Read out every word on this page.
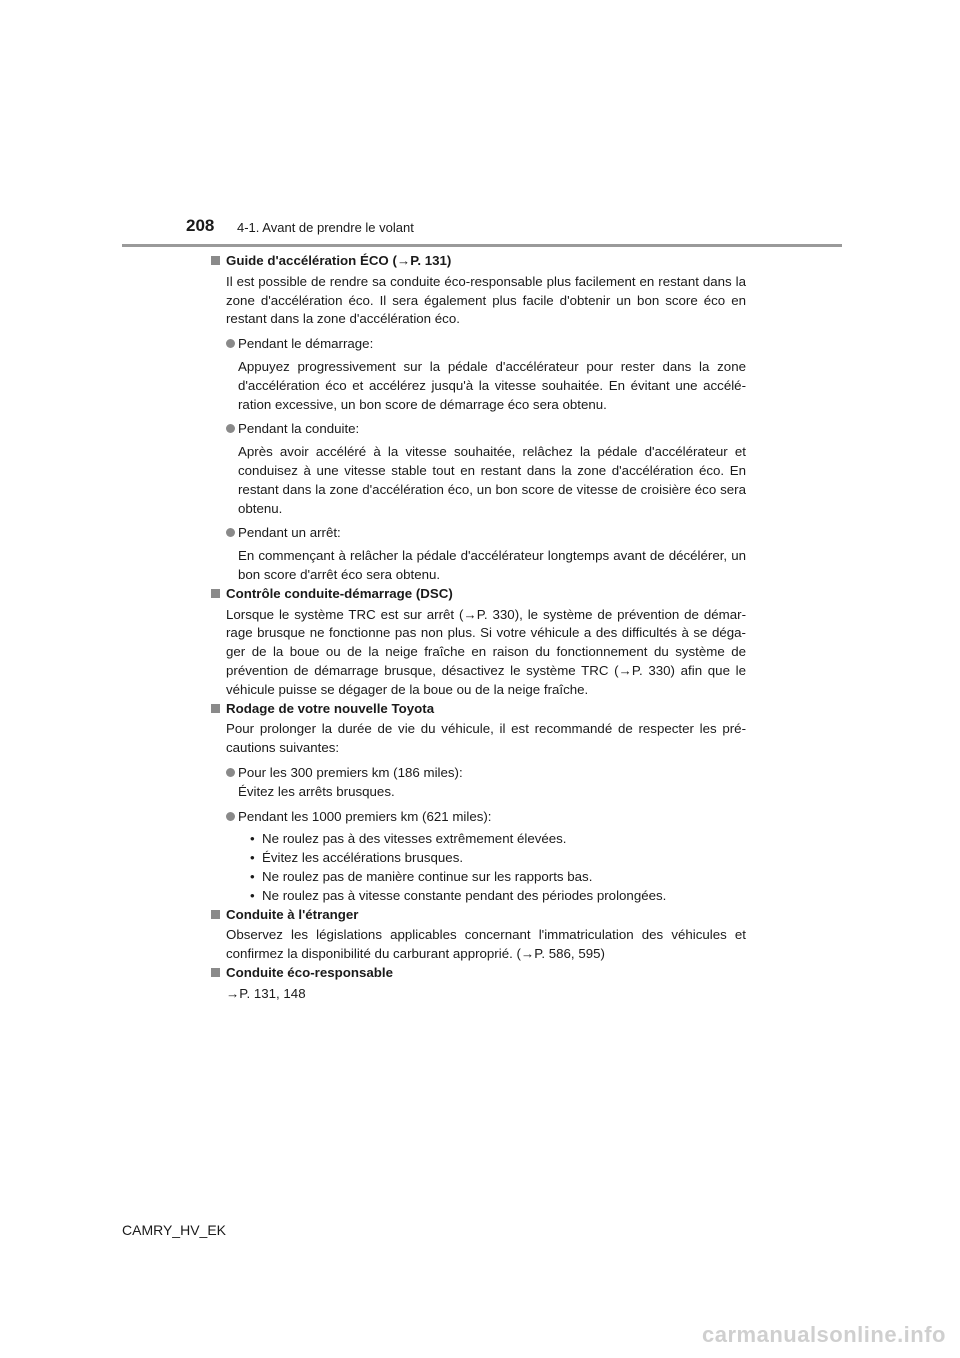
208 4-1. Avant de prendre le volant

Guide d'accélération ÉCO (→P. 131)

Il est possible de rendre sa conduite éco-responsable plus facilement en restant dans la zone d'accélération éco. Il sera également plus facile d'obtenir un bon score éco en restant dans la zone d'accélération éco.

Pendant le démarrage:

Appuyez progressivement sur la pédale d'accélérateur pour rester dans la zone d'accélération éco et accélérez jusqu'à la vitesse souhaitée. En évitant une accélé- ration excessive, un bon score de démarrage éco sera obtenu.

Pendant la conduite:

Après avoir accéléré à la vitesse souhaitée, relâchez la pédale d'accélérateur et conduisez à une vitesse stable tout en restant dans la zone d'accélération éco. En restant dans la zone d'accélération éco, un bon score de vitesse de croisière éco sera obtenu.

Pendant un arrêt:

En commençant à relâcher la pédale d'accélérateur longtemps avant de décélérer, un bon score d'arrêt éco sera obtenu.

Contrôle conduite-démarrage (DSC)

Lorsque le système TRC est sur arrêt (→P. 330), le système de prévention de démar- rage brusque ne fonctionne pas non plus. Si votre véhicule a des difficultés à se déga- ger de la boue ou de la neige fraîche en raison du fonctionnement du système de prévention de démarrage brusque, désactivez le système TRC (→P. 330) afin que le véhicule puisse se dégager de la boue ou de la neige fraîche.

Rodage de votre nouvelle Toyota

Pour prolonger la durée de vie du véhicule, il est recommandé de respecter les pré- cautions suivantes:

Pour les 300 premiers km (186 miles):

Évitez les arrêts brusques.

Pendant les 1000 premiers km (621 miles):

• Ne roulez pas à des vitesses extrêmement élevées.

• Évitez les accélérations brusques.

• Ne roulez pas de manière continue sur les rapports bas.

• Ne roulez pas à vitesse constante pendant des périodes prolongées.

Conduite à l'étranger

Observez les législations applicables concernant l'immatriculation des véhicules et confirmez la disponibilité du carburant approprié. (→P. 586, 595)

Conduite éco-responsable

→P. 131, 148

CAMRY_HV_EK
carmanualsonline.info
